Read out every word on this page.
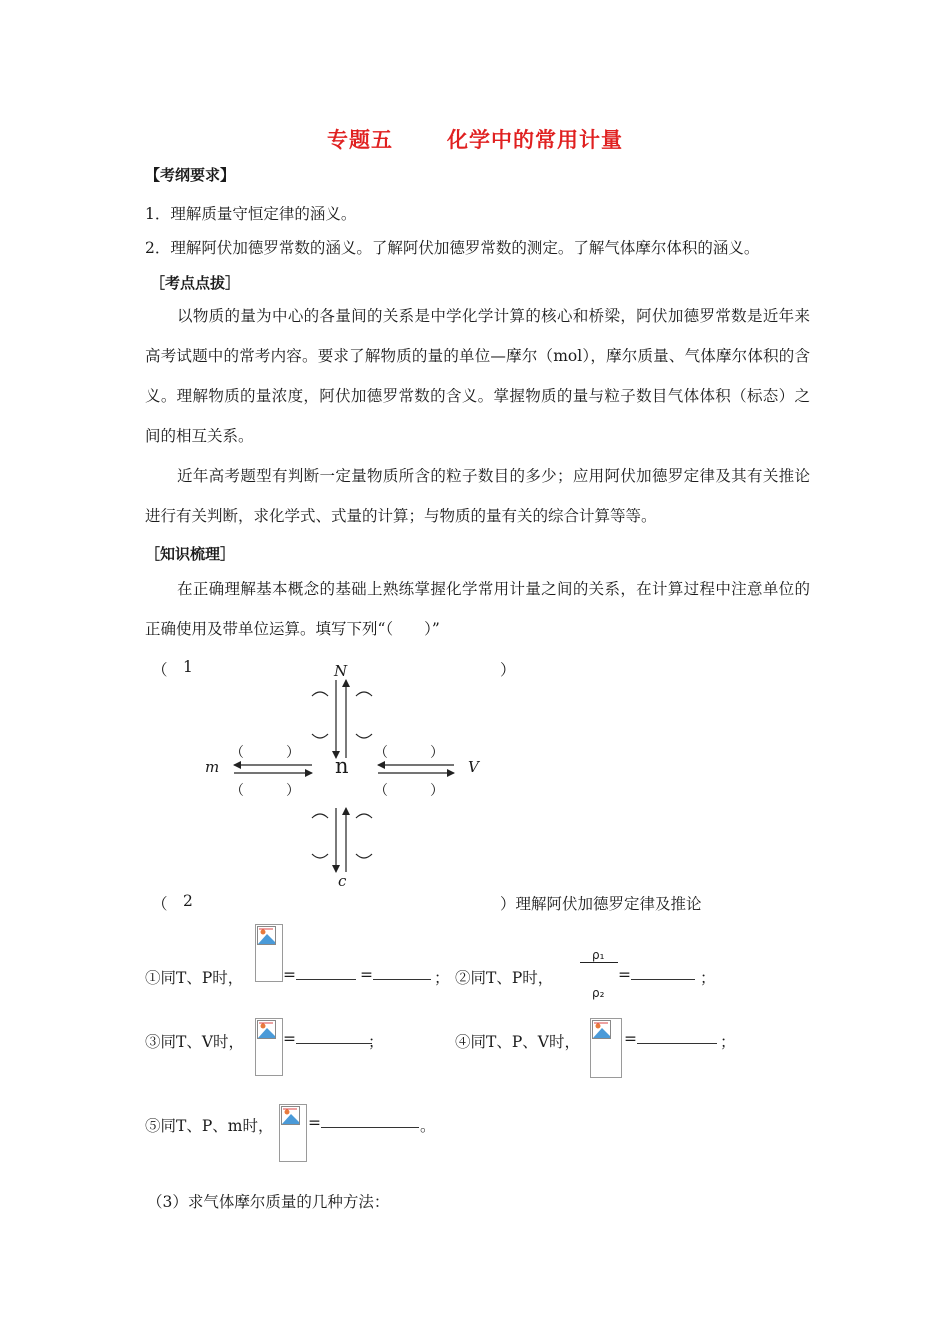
专题五	化学中的常用计量
【考纲要求】
1．理解质量守恒定律的涵义。
2．理解阿伏加德罗常数的涵义。了解阿伏加德罗常数的测定。了解气体摩尔体积的涵义。
［考点点拔］
以物质的量为中心的各量间的关系是中学化学计算的核心和桥梁，阿伏加德罗常数是近年来高考试题中的常考内容。要求了解物质的量的单位—摩尔（mol），摩尔质量、气体摩尔体积的含义。理解物质的量浓度，阿伏加德罗常数的含义。掌握物质的量与粒子数目气体体积（标态）之间的相互关系。
近年高考题型有判断一定量物质所含的粒子数目的多少；应用阿伏加德罗定律及其有关推论进行有关判断，求化学式、式量的计算；与物质的量有关的综合计算等等。
［知识梳理］
在正确理解基本概念的基础上熟练掌握化学常用计量之间的关系，在计算过程中注意单位的正确使用及带单位运算。填写下列“（　　）”
（ 1	）
N
c
m	V
n
（　　　）
（　　　）
（　　　）
（　　　）
（ 2	）理解阿伏加德罗定律及推论
①同T、P时，	=	=	； ②同T、P时，
ρ₁
ρ₂
=	；
③同T、V时，	=	；	④同T、P、V时，	=	；
⑤同T、P、m时， =	。
（3）求气体摩尔质量的几种方法：
